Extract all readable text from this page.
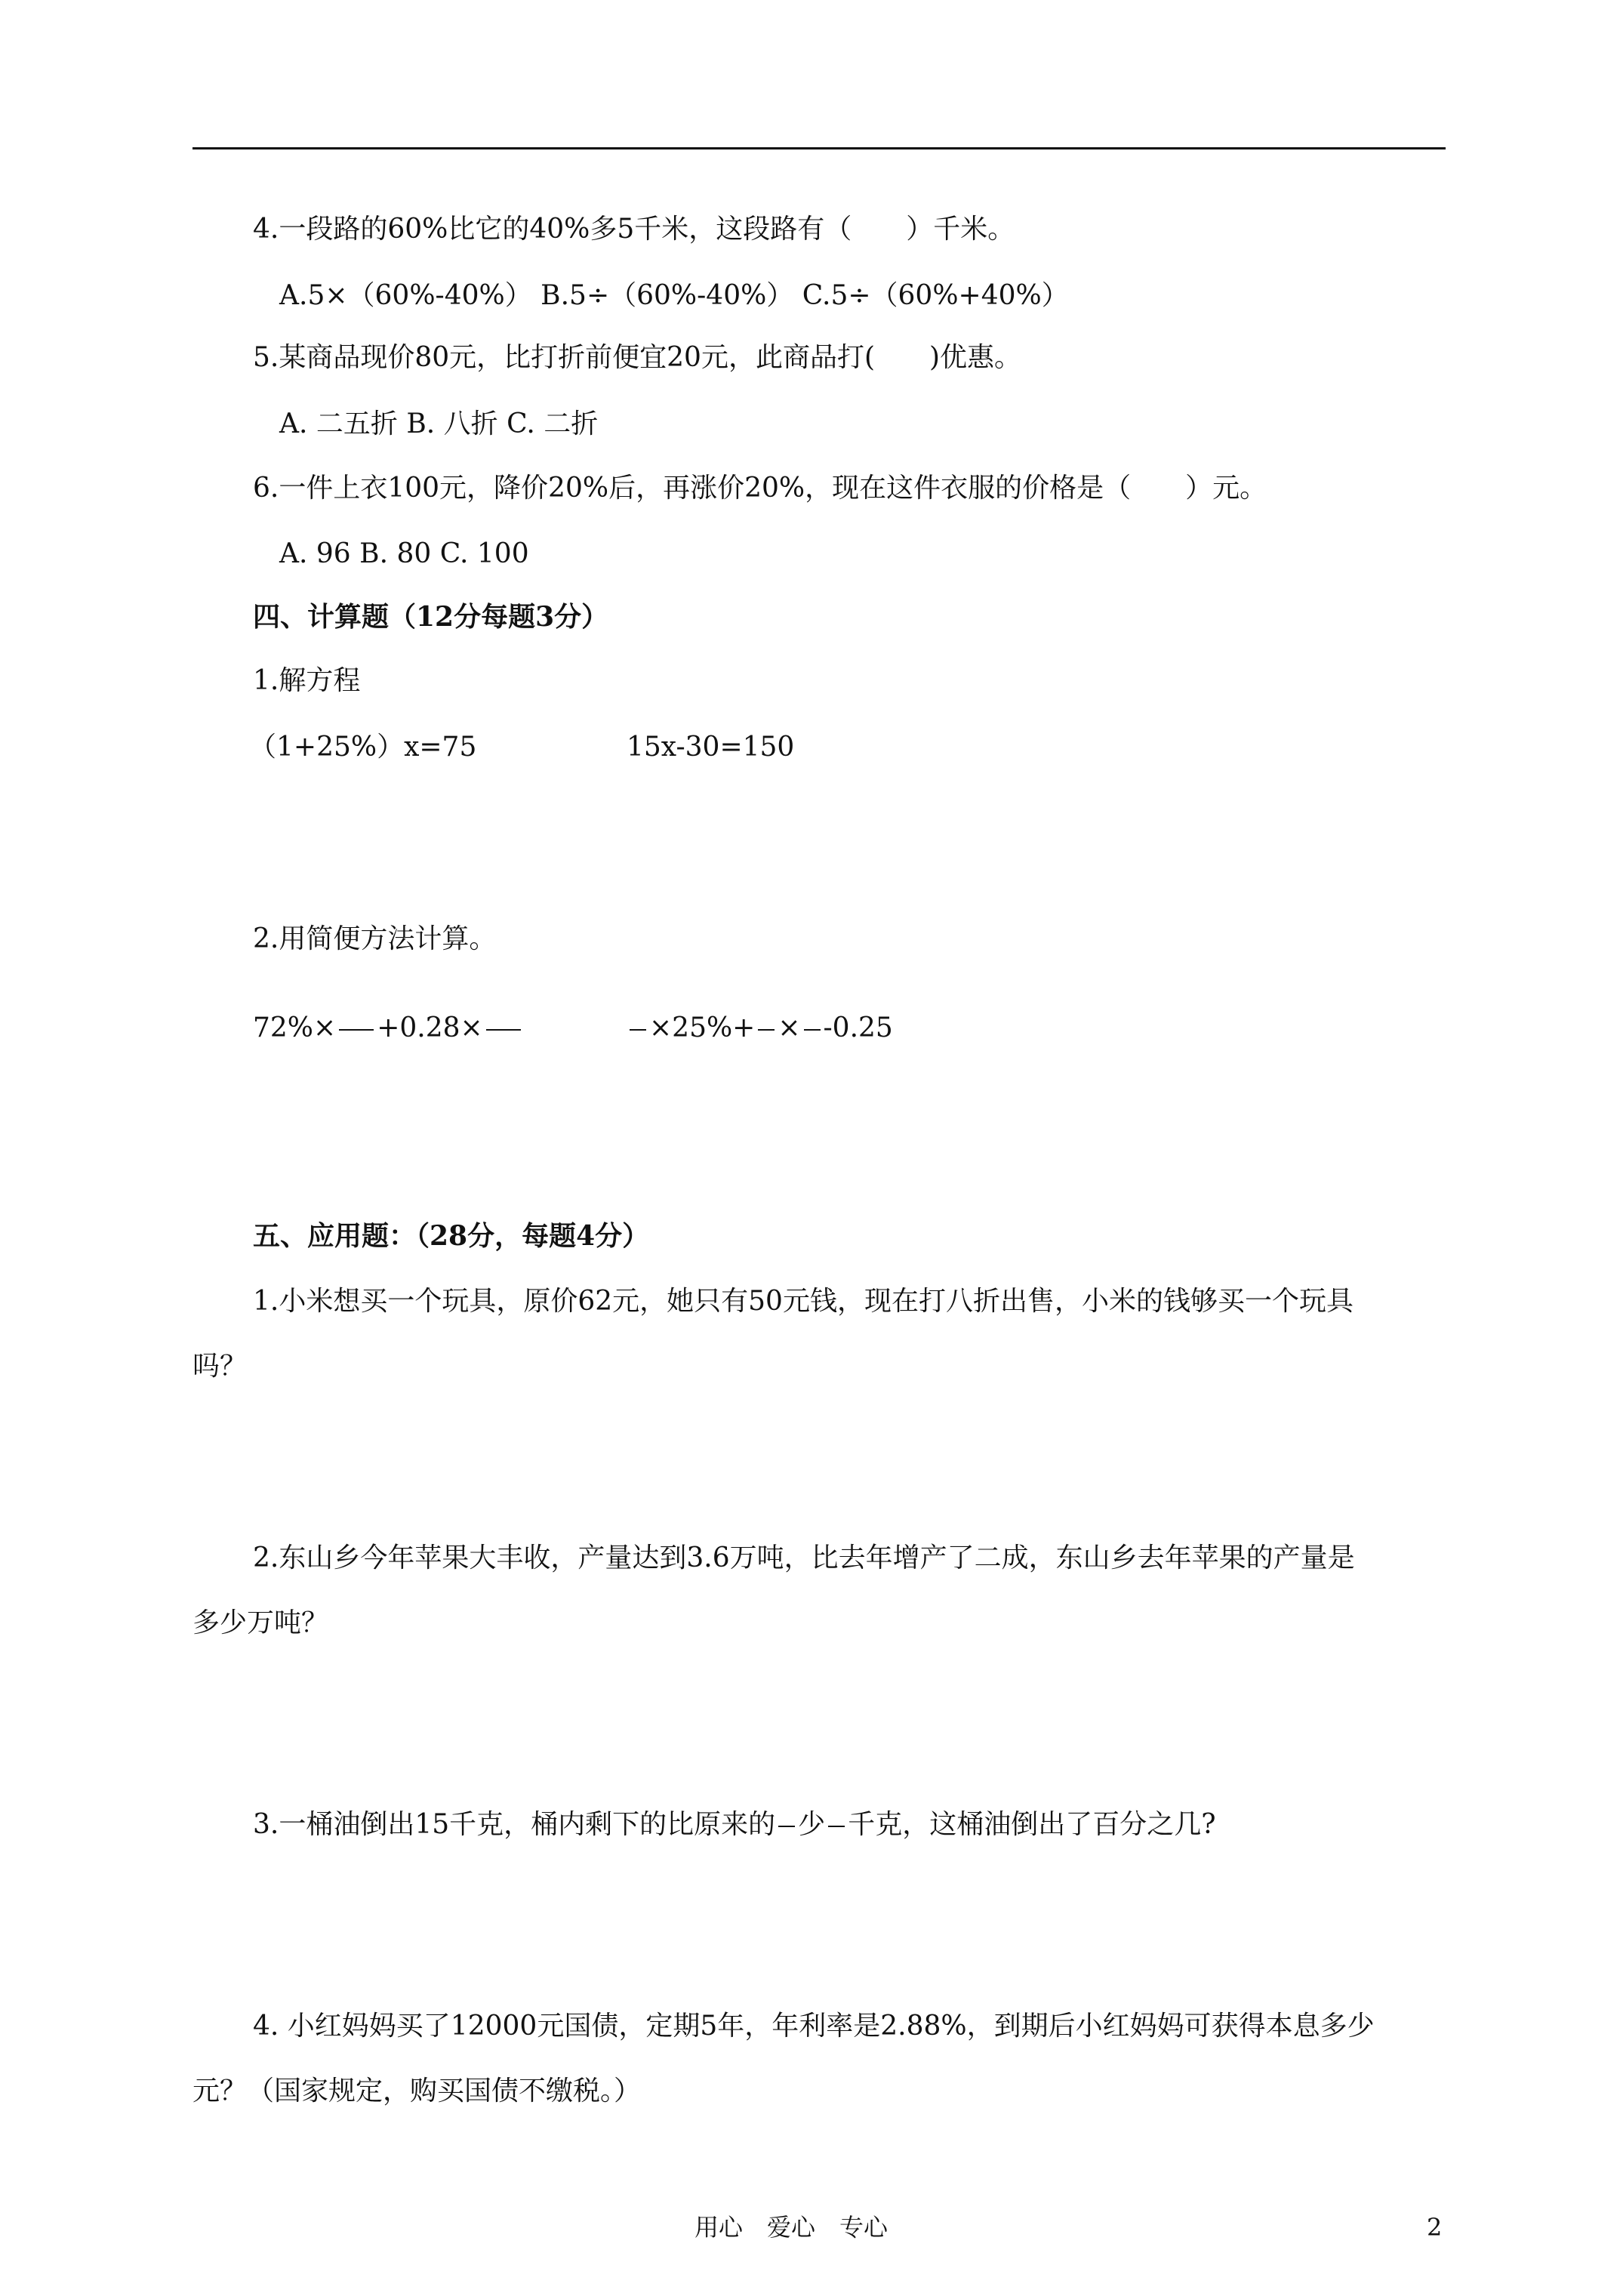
4.一段路的60%比它的40%多5千米，这段路有（　　）千米。
A.5×（60%-40%） B.5÷（60%-40%） C.5÷（60%+40%）
5.某商品现价80元，比打折前便宜20元，此商品打(　　)优惠。
A. 二五折 B. 八折 C. 二折
6.一件上衣100元，降价20%后，再涨价20%，现在这件衣服的价格是（　　）元。
A. 96 B. 80 C. 100
四、计算题（12分每题3分）
1.解方程
（1+25%）x=75	15x-30=150
2.用简便方法计算。
72%× +0.28×	×25%+ × -0.25
五、应用题：（28分，每题4分）
1.小米想买一个玩具，原价62元，她只有50元钱，现在打八折出售，小米的钱够买一个玩具
吗？
2.东山乡今年苹果大丰收，产量达到3.6万吨，比去年增产了二成，东山乡去年苹果的产量是
多少万吨？
3.一桶油倒出15千克，桶内剩下的比原来的 少 千克，这桶油倒出了百分之几?
4. 小红妈妈买了12000元国债，定期5年，年利率是2.88%，到期后小红妈妈可获得本息多少
元？（国家规定，购买国债不缴税。）
用心　爱心　专心	2
